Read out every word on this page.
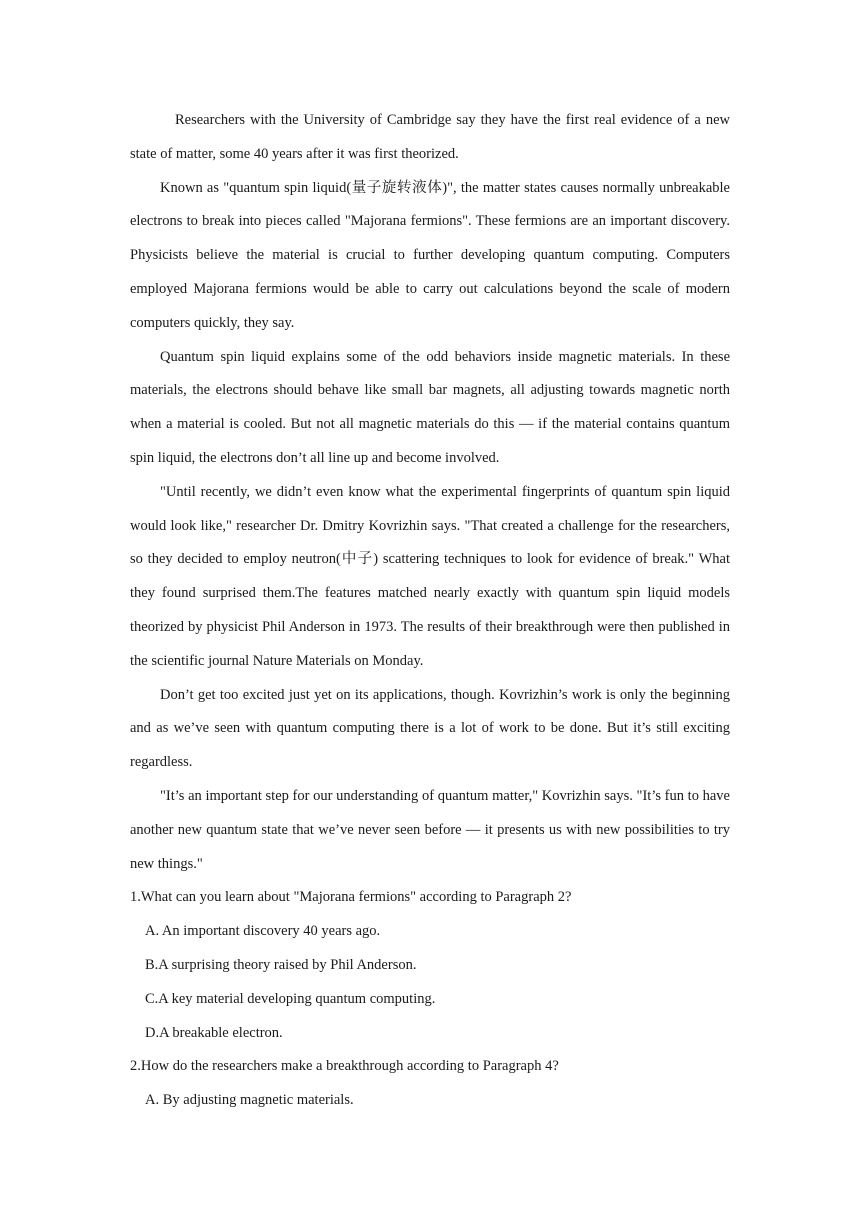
Researchers with the University of Cambridge say they have the first real evidence of a new state of matter, some 40 years after it was first theorized.

Known as "quantum spin liquid(量子旋转液体)", the matter states causes normally unbreakable electrons to break into pieces called "Majorana fermions". These fermions are an important discovery. Physicists believe the material is crucial to further developing quantum computing. Computers employed Majorana fermions would be able to carry out calculations beyond the scale of modern computers quickly, they say.

Quantum spin liquid explains some of the odd behaviors inside magnetic materials. In these materials, the electrons should behave like small bar magnets, all adjusting towards magnetic north when a material is cooled. But not all magnetic materials do this — if the material contains quantum spin liquid, the electrons don’t all line up and become involved.

"Until recently, we didn’t even know what the experimental fingerprints of quantum spin liquid would look like," researcher Dr. Dmitry Kovrizhin says. "That created a challenge for the researchers, so they decided to employ neutron(中子) scattering techniques to look for evidence of break." What they found surprised them.The features matched nearly exactly with quantum spin liquid models theorized by physicist Phil Anderson in 1973. The results of their breakthrough were then published in the scientific journal Nature Materials on Monday.

Don’t get too excited just yet on its applications, though. Kovrizhin’s work is only the beginning and as we’ve seen with quantum computing there is a lot of work to be done. But it’s still exciting regardless.

"It’s an important step for our understanding of quantum matter," Kovrizhin says. "It’s fun to have another new quantum state that we’ve never seen before — it presents us with new possibilities to try new things."

1.What can you learn about "Majorana fermions" according to Paragraph 2?

A. An important discovery 40 years ago.

B.A surprising theory raised by Phil Anderson.

C.A key material developing quantum computing.

D.A breakable electron.

2.How do the researchers make a breakthrough according to Paragraph 4?

A. By adjusting magnetic materials.
